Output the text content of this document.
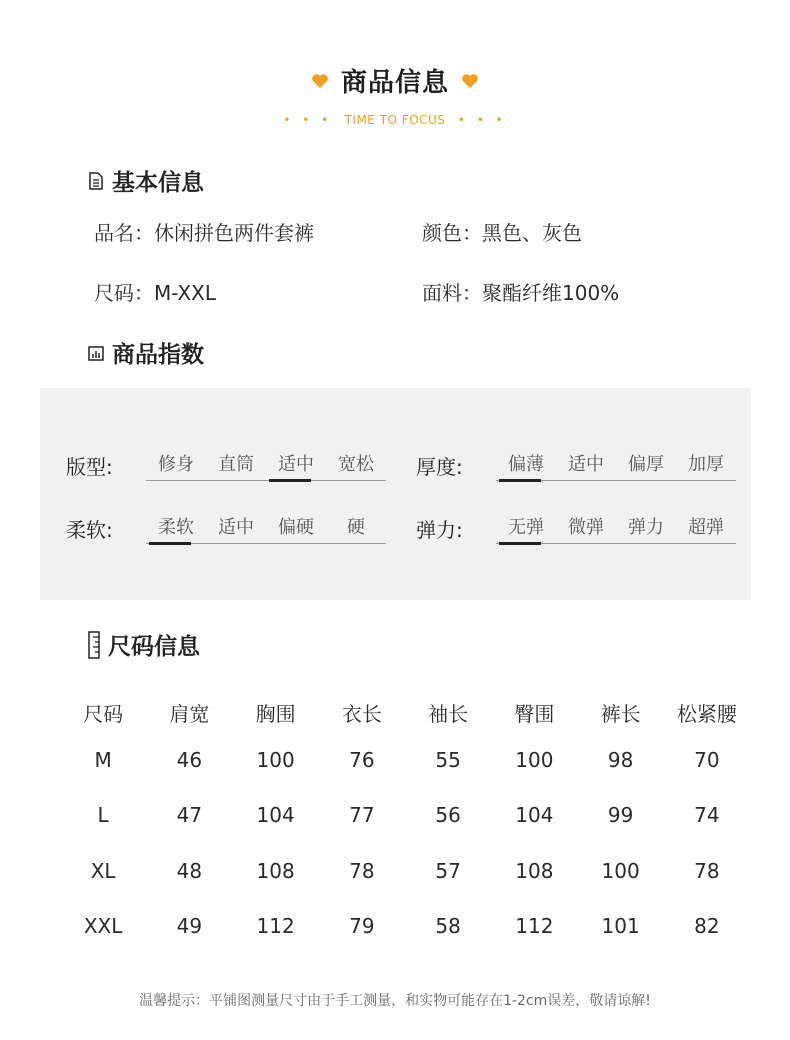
商品信息
• • • TIME TO FOCUS • • •
基本信息
品名：休闲拼色两件套裤	颜色：黑色、灰色
尺码：M-XXL	面料：聚酯纤维100%
商品指数
版型:	修身	直筒	适中	宽松	厚度:	偏薄	适中	偏厚	加厚
柔软:	柔软	适中	偏硬	硬	弹力:	无弹	微弹	弹力	超弹
尺码信息
尺码	肩宽	胸围	衣长	袖长	臀围	裤长	松紧腰
M	46	100	76	55	100	98	70
L	47	104	77	56	104	99	74
XL	48	108	78	57	108	100	78
XXL	49	112	79	58	112	101	82
温馨提示：平铺图测量尺寸由于手工测量，和实物可能存在1-2cm误差，敬请谅解!
